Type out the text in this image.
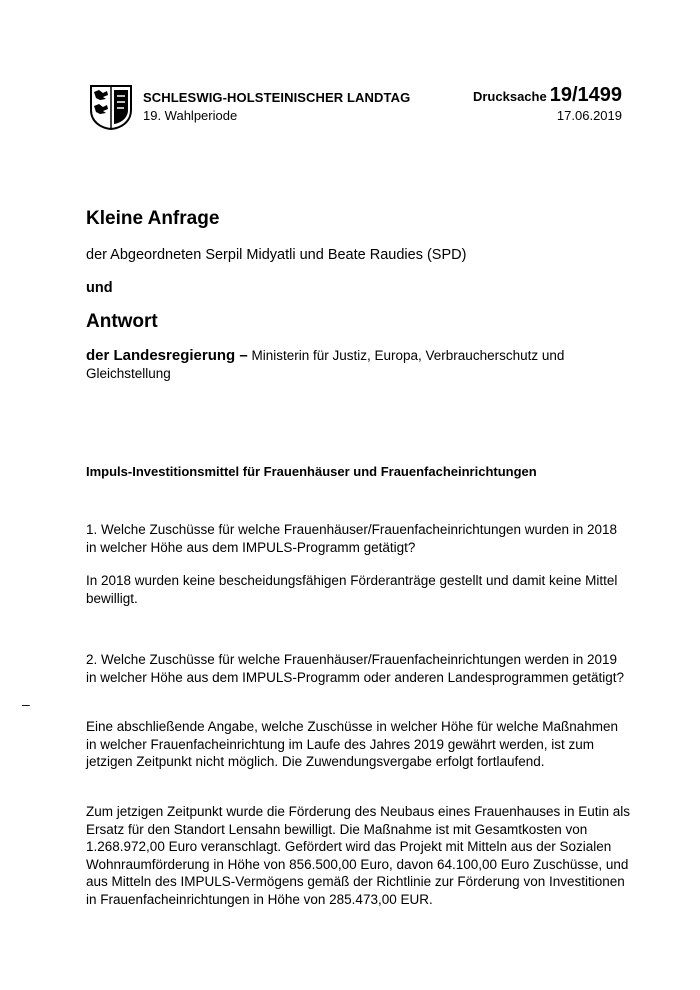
SCHLESWIG-HOLSTEINISCHER LANDTAG
19. Wahlperiode
Drucksache 19/1499
17.06.2019
Kleine Anfrage
der Abgeordneten Serpil Midyatli und Beate Raudies (SPD)
und
Antwort
der Landesregierung – Ministerin für Justiz, Europa, Verbraucherschutz und Gleichstellung
Impuls-Investitionsmittel für Frauenhäuser und Frauenfacheinrichtungen
1. Welche Zuschüsse für welche Frauenhäuser/Frauenfacheinrichtungen wurden in 2018 in welcher Höhe aus dem IMPULS-Programm getätigt?
In 2018 wurden keine bescheidungsfähigen Förderanträge gestellt und damit keine Mittel bewilligt.
2. Welche Zuschüsse für welche Frauenhäuser/Frauenfacheinrichtungen werden in 2019 in welcher Höhe aus dem IMPULS-Programm oder anderen Landesprogrammen getätigt?
–
Eine abschließende Angabe, welche Zuschüsse in welcher Höhe für welche Maßnahmen in welcher Frauenfacheinrichtung im Laufe des Jahres 2019 gewährt werden, ist zum jetzigen Zeitpunkt nicht möglich. Die Zuwendungsvergabe erfolgt fortlaufend.
Zum jetzigen Zeitpunkt wurde die Förderung des Neubaus eines Frauenhauses in Eutin als Ersatz für den Standort Lensahn bewilligt. Die Maßnahme ist mit Gesamtkosten von 1.268.972,00 Euro veranschlagt. Gefördert wird das Projekt mit Mitteln aus der Sozialen Wohnraumförderung in Höhe von 856.500,00 Euro, davon 64.100,00 Euro Zuschüsse, und aus Mitteln des IMPULS-Vermögens gemäß der Richtlinie zur Förderung von Investitionen in Frauenfacheinrichtungen in Höhe von 285.473,00 EUR.
